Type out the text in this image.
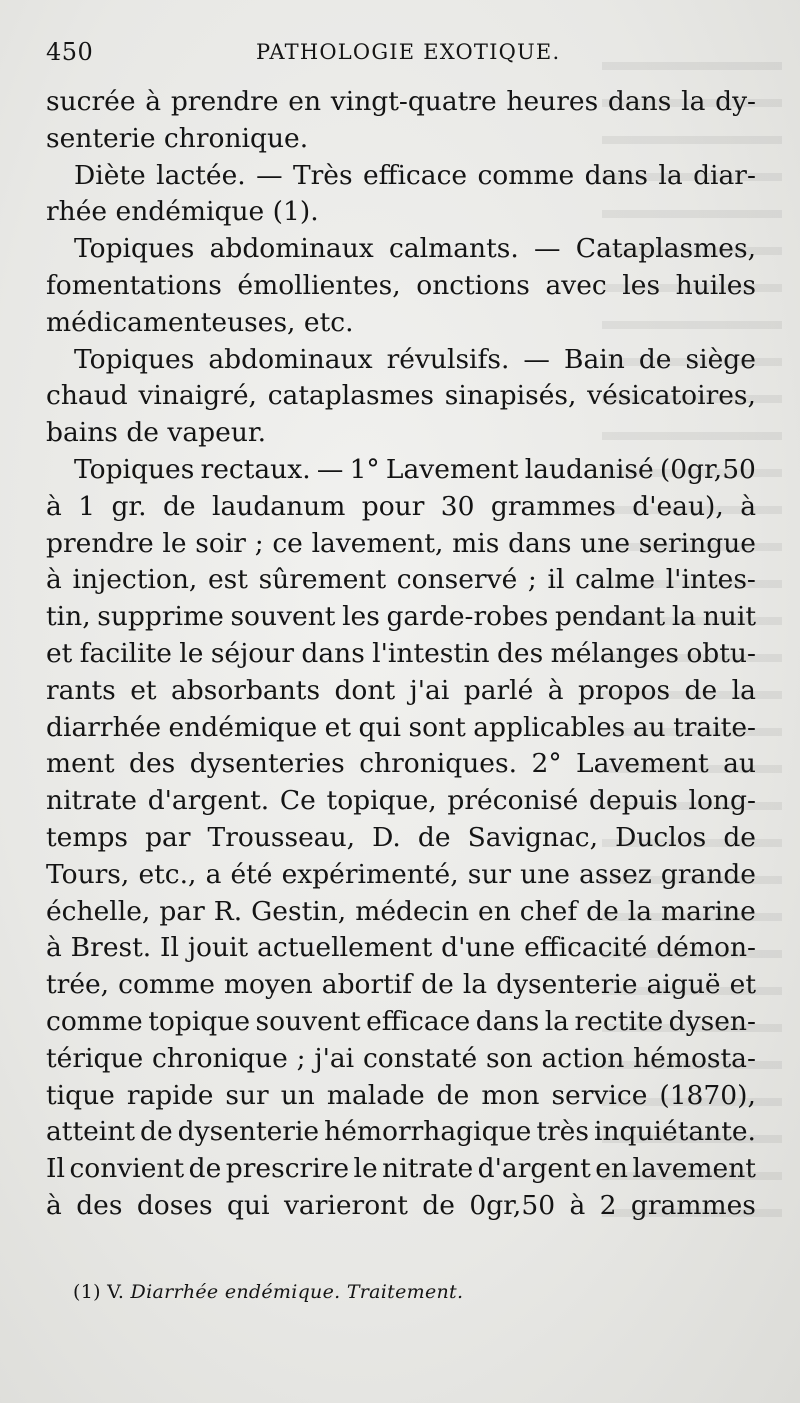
450	PATHOLOGIE EXOTIQUE.
sucrée à prendre en vingt-quatre heures dans la dy-
senterie chronique.
Diète lactée. — Très efficace comme dans la diar-
rhée endémique (1).
Topiques abdominaux calmants. — Cataplasmes,
fomentations émollientes, onctions avec les huiles
médicamenteuses, etc.
Topiques abdominaux révulsifs. — Bain de siège
chaud vinaigré, cataplasmes sinapisés, vésicatoires,
bains de vapeur.
Topiques rectaux. — 1° Lavement laudanisé (0gr,50
à 1 gr. de laudanum pour 30 grammes d'eau), à
prendre le soir ; ce lavement, mis dans une seringue
à injection, est sûrement conservé ; il calme l'intes-
tin, supprime souvent les garde-robes pendant la nuit
et facilite le séjour dans l'intestin des mélanges obtu-
rants et absorbants dont j'ai parlé à propos de la
diarrhée endémique et qui sont applicables au traite-
ment des dysenteries chroniques. 2° Lavement au
nitrate d'argent. Ce topique, préconisé depuis long-
temps par Trousseau, D. de Savignac, Duclos de
Tours, etc., a été expérimenté, sur une assez grande
échelle, par R. Gestin, médecin en chef de la marine
à Brest. Il jouit actuellement d'une efficacité démon-
trée, comme moyen abortif de la dysenterie aiguë et
comme topique souvent efficace dans la rectite dysen-
térique chronique ; j'ai constaté son action hémosta-
tique rapide sur un malade de mon service (1870),
atteint de dysenterie hémorrhagique très inquiétante.
Il convient de prescrire le nitrate d'argent en lavement
à des doses qui varieront de 0gr,50 à 2 grammes
(1) V. Diarrhée endémique. Traitement.
